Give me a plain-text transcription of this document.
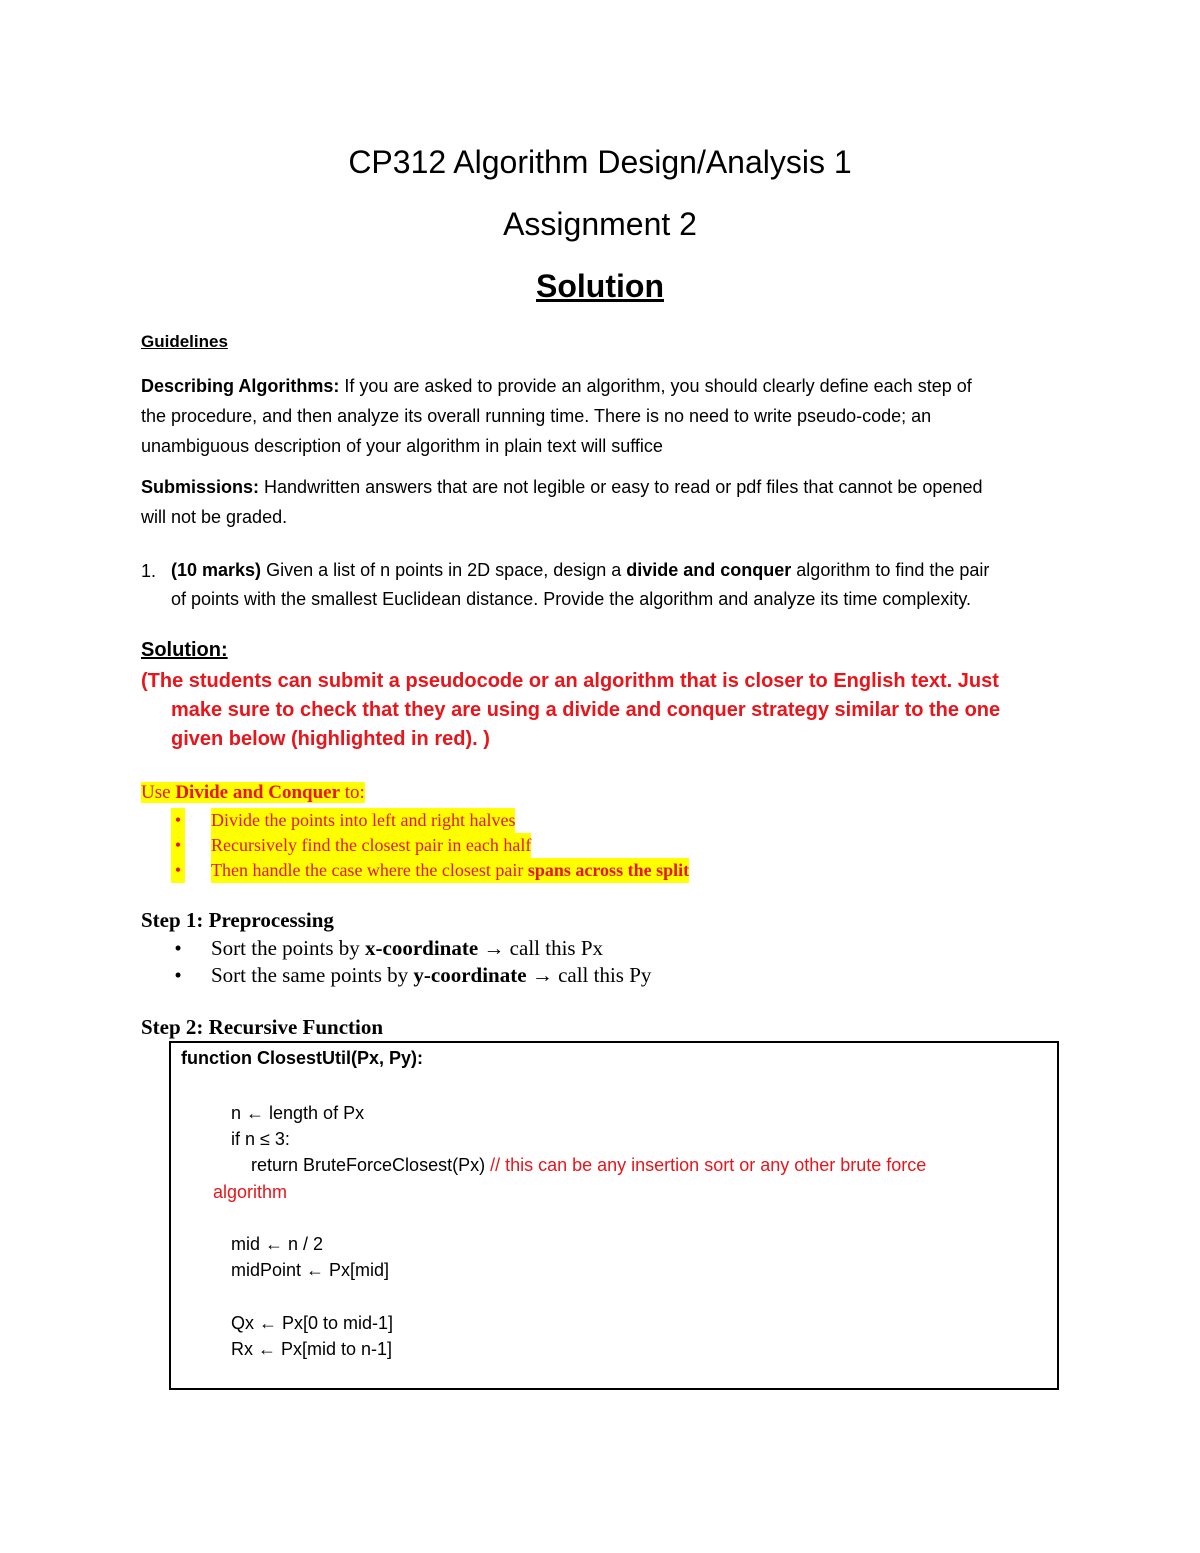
CP312 Algorithm Design/Analysis 1
Assignment 2
Solution
Guidelines
Describing Algorithms: If you are asked to provide an algorithm, you should clearly define each step of
the procedure, and then analyze its overall running time. There is no need to write pseudo-code; an
unambiguous description of your algorithm in plain text will suffice
Submissions: Handwritten answers that are not legible or easy to read or pdf files that cannot be opened
will not be graded.
1. (10 marks) Given a list of n points in 2D space, design a divide and conquer algorithm to find the pair
of points with the smallest Euclidean distance. Provide the algorithm and analyze its time complexity.
Solution:
(The students can submit a pseudocode or an algorithm that is closer to English text. Just
make sure to check that they are using a divide and conquer strategy similar to the one
given below (highlighted in red). )
Use Divide and Conquer to:
• Divide the points into left and right halves
• Recursively find the closest pair in each half
• Then handle the case where the closest pair spans across the split
Step 1: Preprocessing
• Sort the points by x-coordinate → call this Px
• Sort the same points by y-coordinate → call this Py
Step 2: Recursive Function
function ClosestUtil(Px, Py):
n ← length of Px
if n ≤ 3:
return BruteForceClosest(Px) // this can be any insertion sort or any other brute force
algorithm
mid ← n / 2
midPoint ← Px[mid]
Qx ← Px[0 to mid-1]
Rx ← Px[mid to n-1]
